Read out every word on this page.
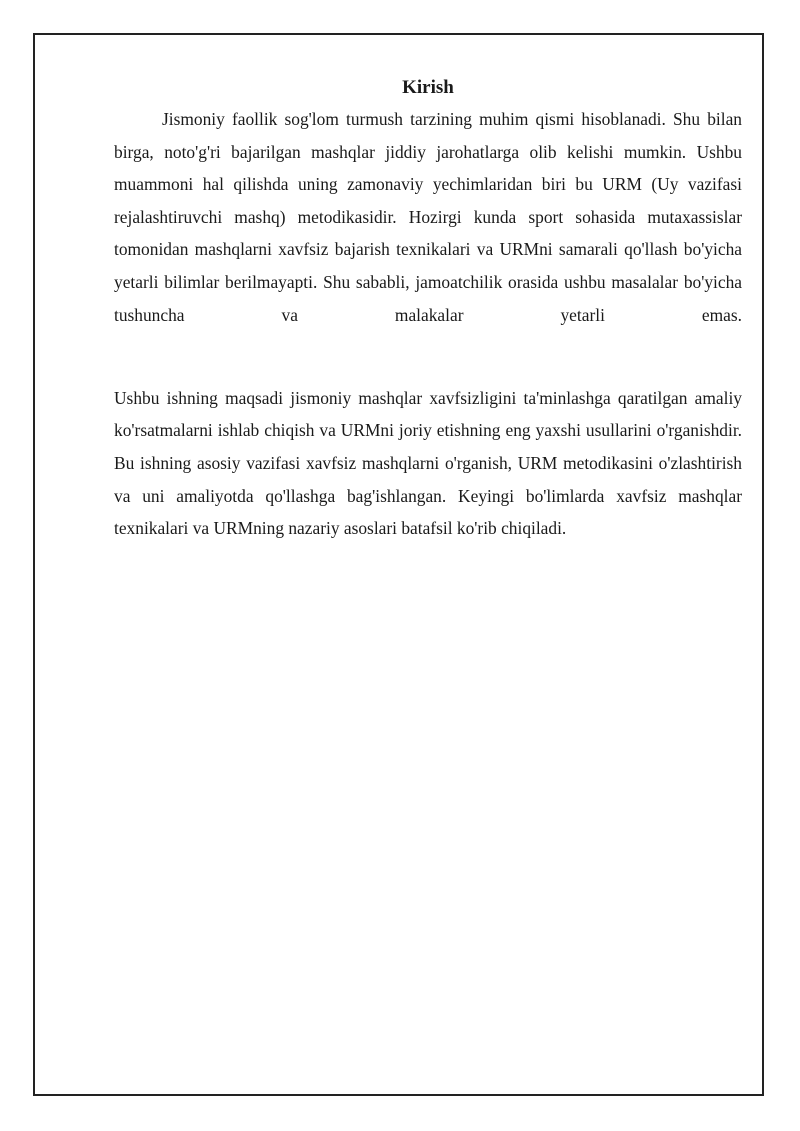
Kirish

Jismoniy faollik sog'lom turmush tarzining muhim qismi hisoblanadi. Shu bilan birga, noto'g'ri bajarilgan mashqlar jiddiy jarohatlarga olib kelishi mumkin. Ushbu muammoni hal qilishda uning zamonaviy yechimlaridan biri bu URM (Uy vazifasi rejalashtiruvchi mashq) metodikasidir. Hozirgi kunda sport sohasida mutaxassislar tomonidan mashqlarni xavfsiz bajarish texnikalari va URMni samarali qo'llash bo'yicha yetarli bilimlar berilmayapti. Shu sababli, jamoatchilik orasida ushbu masalalar bo'yicha tushuncha va malakalar yetarli emas.

Ushbu ishning maqsadi jismoniy mashqlar xavfsizligini ta'minlashga qaratilgan amaliy ko'rsatmalarni ishlab chiqish va URMni joriy etishning eng yaxshi usullarini o'rganishdir. Bu ishning asosiy vazifasi xavfsiz mashqlarni o'rganish, URM metodikasini o'zlashtirish va uni amaliyotda qo'llashga bag'ishlangan. Keyingi bo'limlarda xavfsiz mashqlar texnikalari va URMning nazariy asoslari batafsil ko'rib chiqiladi.
